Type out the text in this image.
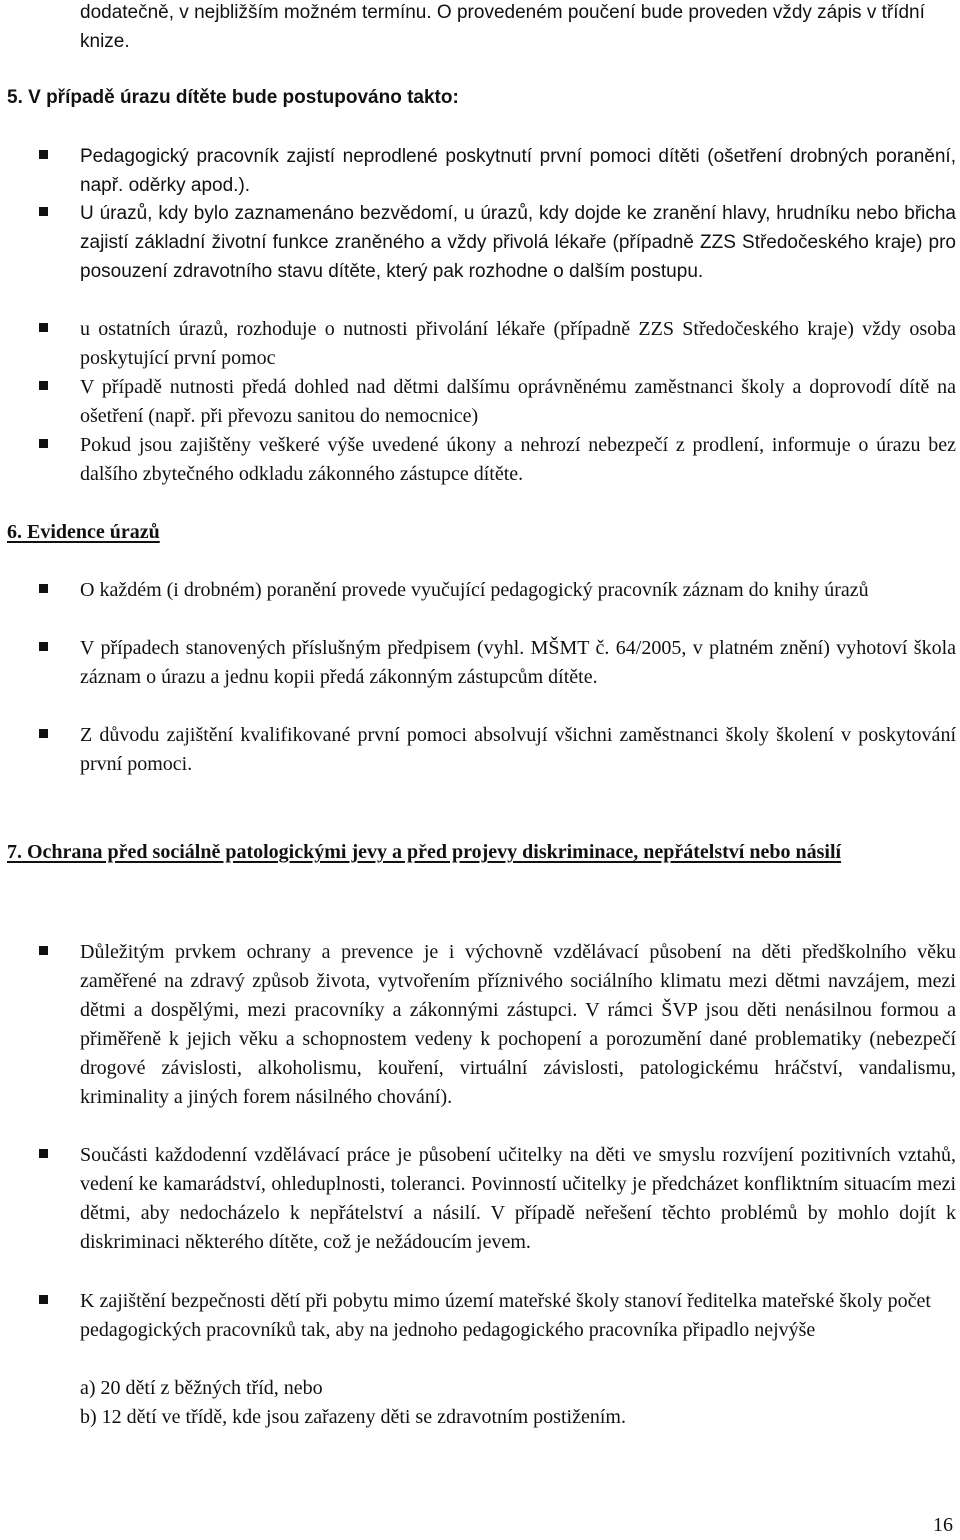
dodatečně, v nejbližším možném termínu. O provedeném poučení bude proveden vždy zápis v třídní knize.
5. V případě úrazu dítěte bude postupováno takto:
Pedagogický pracovník zajistí neprodlené poskytnutí první pomoci dítěti (ošetření drobných poranění, např. oděrky apod.).
U úrazů, kdy bylo zaznamenáno bezvědomí, u úrazů, kdy dojde ke zranění hlavy, hrudníku nebo břicha zajistí základní životní funkce zraněného a vždy přivolá lékaře (případně ZZS Středočeského kraje) pro posouzení zdravotního stavu dítěte, který pak rozhodne o dalším postupu.
u ostatních úrazů, rozhoduje o nutnosti přivolání lékaře (případně ZZS Středočeského kraje) vždy osoba poskytující první pomoc
V případě nutnosti předá dohled nad dětmi dalšímu oprávněnému zaměstnanci školy a doprovodí dítě na ošetření (např. při převozu sanitou do nemocnice)
Pokud jsou zajištěny veškeré výše uvedené úkony a nehrozí nebezpečí z prodlení, informuje o úrazu bez dalšího zbytečného odkladu zákonného zástupce dítěte.
6. Evidence úrazů
O každém (i drobném) poranění provede vyučující pedagogický pracovník záznam do knihy úrazů
V případech stanovených příslušným předpisem (vyhl. MŠMT č. 64/2005, v platném znění) vyhotoví škola záznam o úrazu a jednu kopii předá zákonným zástupcům dítěte.
Z důvodu zajištění kvalifikované první pomoci absolvují všichni zaměstnanci školy školení v poskytování první pomoci.
7. Ochrana před sociálně patologickými jevy a před projevy diskriminace, nepřátelství nebo násilí
Důležitým prvkem ochrany a prevence je i výchovně vzdělávací působení na děti předškolního věku zaměřené na zdravý způsob života, vytvořením příznivého sociálního klimatu mezi dětmi navzájem, mezi dětmi a dospělými, mezi pracovníky a zákonnými zástupci. V rámci ŠVP jsou děti nenásilnou formou a přiměřeně k jejich věku a schopnostem vedeny k pochopení a porozumění dané problematiky (nebezpečí drogové závislosti, alkoholismu, kouření, virtuální závislosti, patologickému hráčství, vandalismu, kriminality a jiných forem násilného chování).
Součásti každodenní vzdělávací práce je působení učitelky na děti ve smyslu rozvíjení pozitivních vztahů, vedení ke kamarádství, ohleduplnosti, toleranci. Povinností učitelky je předcházet konfliktním situacím mezi dětmi, aby nedocházelo k nepřátelství a násilí. V případě neřešení těchto problémů by mohlo dojít k diskriminaci některého dítěte, což je nežádoucím jevem.
K zajištění bezpečnosti dětí při pobytu mimo území mateřské školy stanoví ředitelka mateřské školy počet pedagogických pracovníků tak, aby na jednoho pedagogického pracovníka připadlo nejvýše
a) 20 dětí z běžných tříd, nebo
b) 12 dětí ve třídě, kde jsou zařazeny děti se zdravotním postižením.
16
